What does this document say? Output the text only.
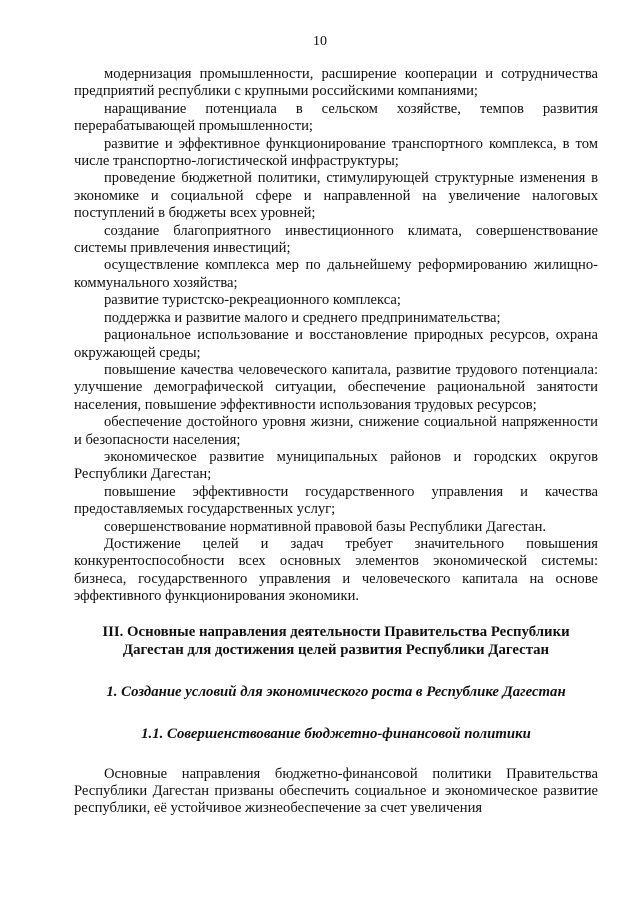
10

модернизация промышленности, расширение кооперации и сотрудничества предприятий республики с крупными российскими компаниями;

наращивание потенциала в сельском хозяйстве, темпов развития перерабатывающей промышленности;

развитие и эффективное функционирование транспортного комплекса, в том числе транспортно-логистической инфраструктуры;

проведение бюджетной политики, стимулирующей структурные изменения в экономике и социальной сфере и направленной на увеличение налоговых поступлений в бюджеты всех уровней;

создание благоприятного инвестиционного климата, совершенствование системы привлечения инвестиций;

осуществление комплекса мер по дальнейшему реформированию жилищно-коммунального хозяйства;

развитие туристско-рекреационного комплекса;

поддержка и развитие малого и среднего предпринимательства;

рациональное использование и восстановление природных ресурсов, охрана окружающей среды;

повышение качества человеческого капитала, развитие трудового потенциала: улучшение демографической ситуации, обеспечение рациональной занятости населения, повышение эффективности использования трудовых ресурсов;

обеспечение достойного уровня жизни, снижение социальной напряженности и безопасности населения;

экономическое развитие муниципальных районов и городских округов Республики Дагестан;

повышение эффективности государственного управления и качества предоставляемых государственных услуг;

совершенствование нормативной правовой базы Республики Дагестан.

Достижение целей и задач требует значительного повышения конкурентоспособности всех основных элементов экономической системы: бизнеса, государственного управления и человеческого капитала на основе эффективного функционирования экономики.

III. Основные направления деятельности Правительства Республики
Дагестан для достижения целей развития Республики Дагестан
1. Создание условий для экономического роста в Республике Дагестан
1.1. Совершенствование бюджетно-финансовой политики

Основные направления бюджетно-финансовой политики Правительства Республики Дагестан призваны обеспечить социальное и экономическое развитие республики, её устойчивое жизнеобеспечение за счет увеличения
